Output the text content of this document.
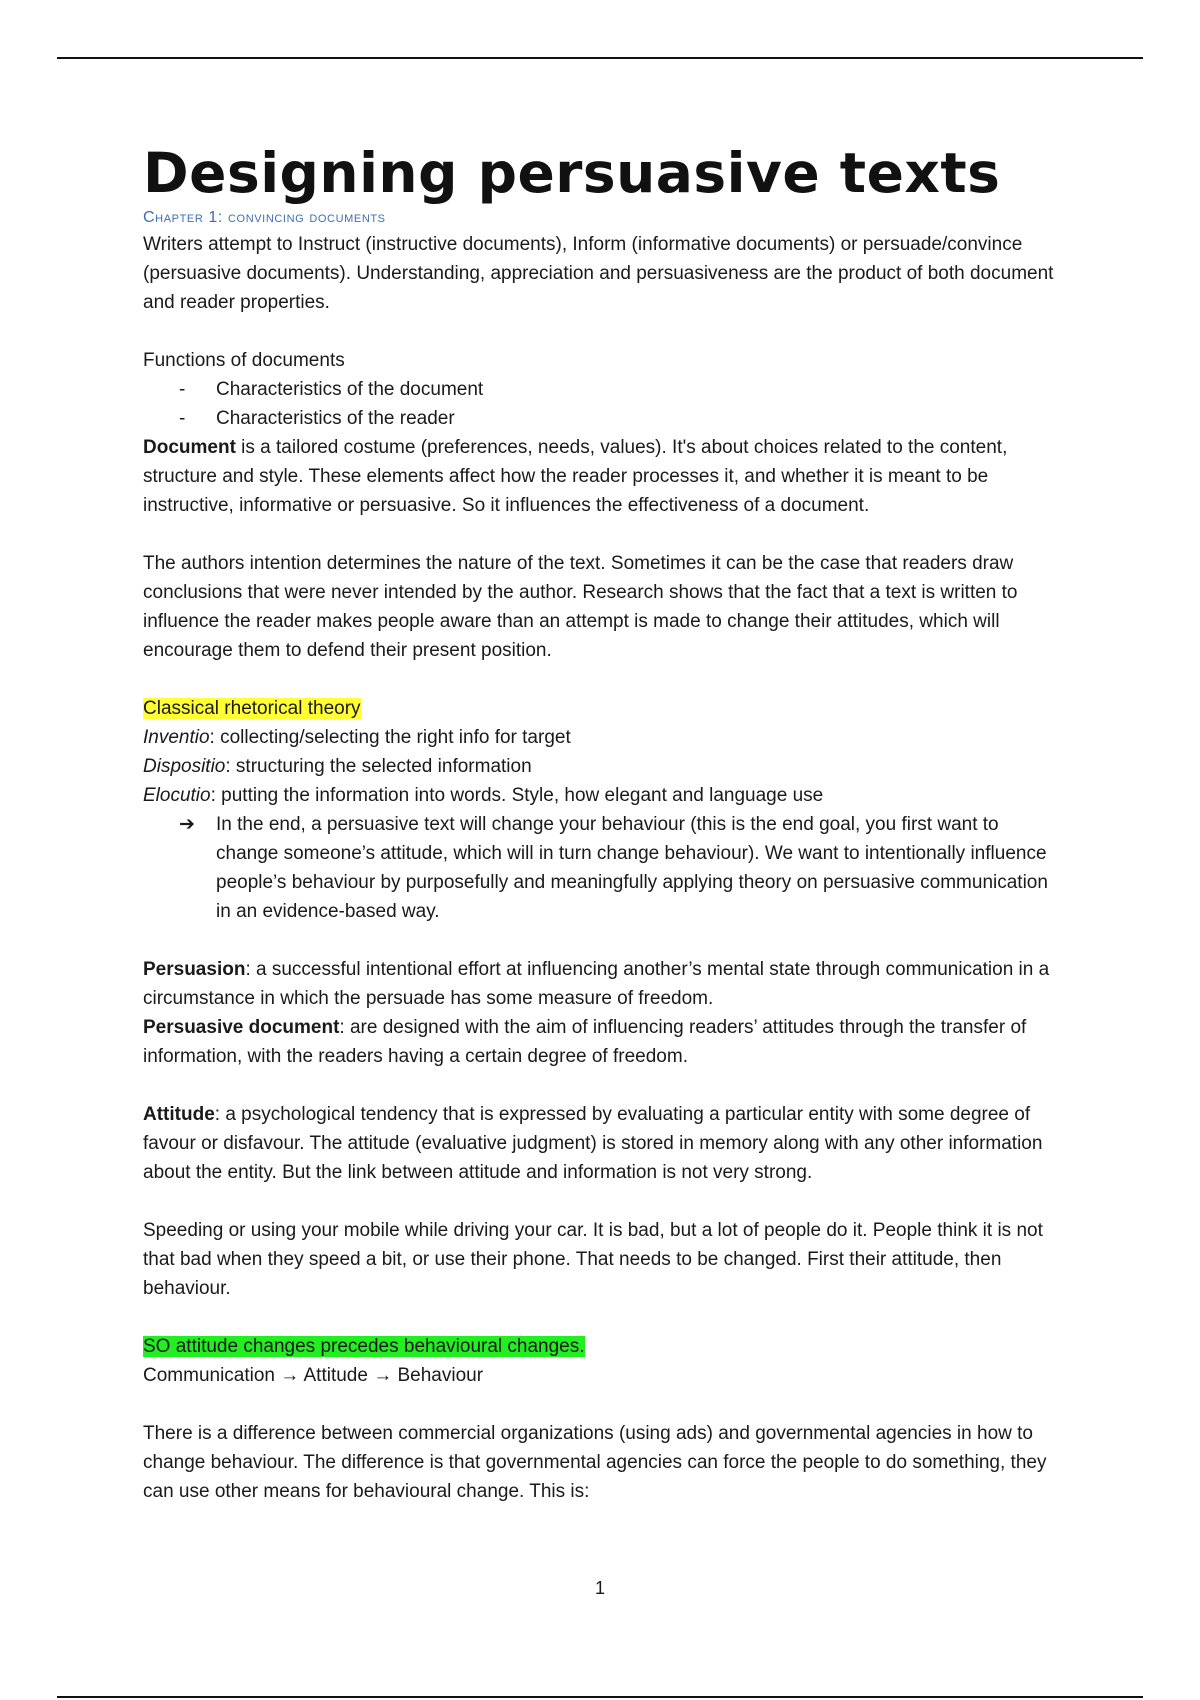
Designing persuasive texts
Chapter 1: convincing documents

Writers attempt to Instruct (instructive documents), Inform (informative documents) or persuade/convince (persuasive documents). Understanding, appreciation and persuasiveness are the product of both document and reader properties.

Functions of documents

- Characteristics of the document
- Characteristics of the reader

Document is a tailored costume (preferences, needs, values). It's about choices related to the content, structure and style. These elements affect how the reader processes it, and whether it is meant to be instructive, informative or persuasive. So it influences the effectiveness of a document.

The authors intention determines the nature of the text. Sometimes it can be the case that readers draw conclusions that were never intended by the author. Research shows that the fact that a text is written to influence the reader makes people aware than an attempt is made to change their attitudes, which will encourage them to defend their present position.

Classical rhetorical theory

Inventio: collecting/selecting the right info for target

Dispositio: structuring the selected information

Elocutio: putting the information into words. Style, how elegant and language use

➔ In the end, a persuasive text will change your behaviour (this is the end goal, you first want to change someone’s attitude, which will in turn change behaviour). We want to intentionally influence people’s behaviour by purposefully and meaningfully applying theory on persuasive communication in an evidence-based way.

Persuasion: a successful intentional effort at influencing another’s mental state through communication in a circumstance in which the persuade has some measure of freedom.

Persuasive document: are designed with the aim of influencing readers’ attitudes through the transfer of information, with the readers having a certain degree of freedom.

Attitude: a psychological tendency that is expressed by evaluating a particular entity with some degree of favour or disfavour. The attitude (evaluative judgment) is stored in memory along with any other information about the entity. But the link between attitude and information is not very strong.

Speeding or using your mobile while driving your car. It is bad, but a lot of people do it. People think it is not that bad when they speed a bit, or use their phone. That needs to be changed. First their attitude, then behaviour.

SO attitude changes precedes behavioural changes.

Communication → Attitude → Behaviour

There is a difference between commercial organizations (using ads) and governmental agencies in how to change behaviour. The difference is that governmental agencies can force the people to do something, they can use other means for behavioural change. This is:

1
